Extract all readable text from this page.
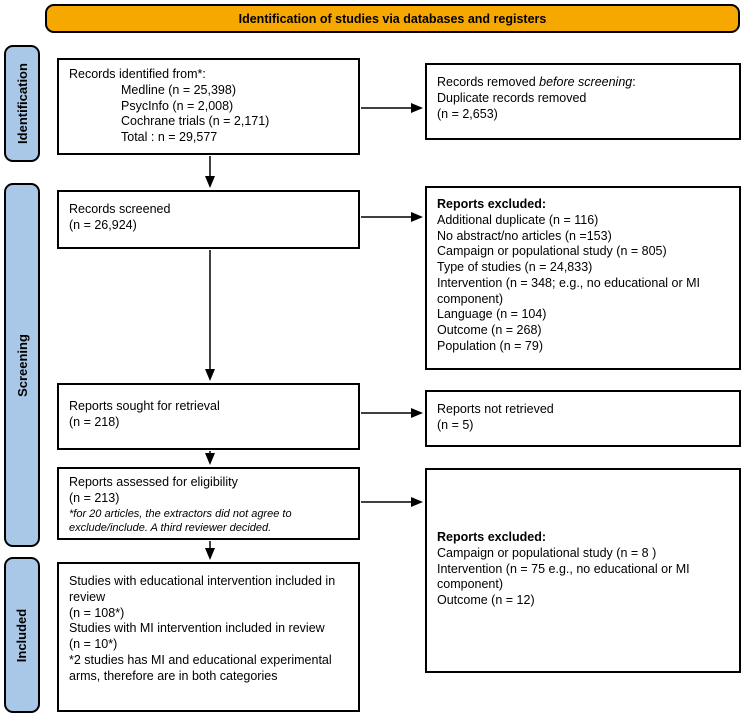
Identification of studies via databases and registers
Identification
Screening
Included
Records identified from*:
Medline (n = 25,398)
PsycInfo (n = 2,008)
Cochrane trials (n = 2,171)
Total : n = 29,577
Records removed before screening:
Duplicate records removed
(n = 2,653)
Records screened
(n = 26,924)
Reports excluded:
Additional duplicate (n = 116)
No abstract/no articles (n =153)
Campaign or populational study (n = 805)
Type of studies (n = 24,833)
Intervention (n = 348; e.g., no educational or MI component)
Language (n = 104)
Outcome (n = 268)
Population (n = 79)
Reports sought for retrieval
(n = 218)
Reports not retrieved
(n = 5)
Reports assessed for eligibility
(n = 213)
*for 20 articles, the extractors did not agree to exclude/include. A third reviewer decided.
Reports excluded:
Campaign or populational study (n = 8 )
Intervention (n = 75 e.g., no educational or MI component)
Outcome (n = 12)
Studies with educational intervention included in review
(n = 108*)
Studies with MI intervention included in review
(n = 10*)
*2 studies has MI and educational experimental arms, therefore are in both categories
